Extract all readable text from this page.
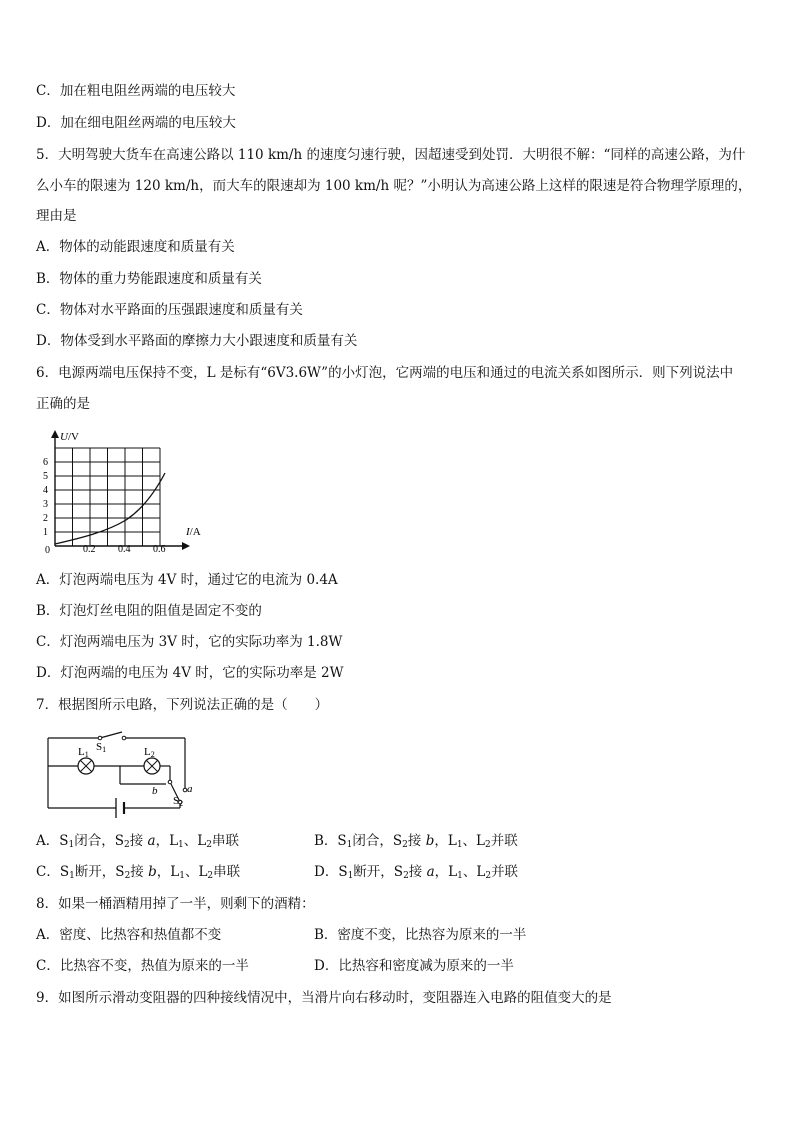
C．加在粗电阻丝两端的电压较大
D．加在细电阻丝两端的电压较大
5．大明驾驶大货车在高速公路以 110 km/h 的速度匀速行驶，因超速受到处罚．大明很不解：“同样的高速公路，为什
么小车的限速为 120 km/h，而大车的限速却为 100 km/h 呢？”小明认为高速公路上这样的限速是符合物理学原理的，
理由是
A．物体的动能跟速度和质量有关
B．物体的重力势能跟速度和质量有关
C．物体对水平路面的压强跟速度和质量有关
D．物体受到水平路面的摩擦力大小跟速度和质量有关
6．电源两端电压保持不变，L 是标有“6V3.6W”的小灯泡，它两端的电压和通过的电流关系如图所示．则下列说法中
正确的是
U/V
I/A
0
1
2
3
4
5
6
0.2 0.4 0.6
A．灯泡两端电压为 4V 时，通过它的电流为 0.4A
B．灯泡灯丝电阻的阻值是固定不变的
C．灯泡两端电压为 3V 时，它的实际功率为 1.8W
D．灯泡两端的电压为 4V 时，它的实际功率是 2W
7．根据图所示电路，下列说法正确的是（　　）
L1
S1	L2
b	a
S2
A．$S_1$闭合，$S_2$接 a，$L_1$、$L_2$串联	B．$S_1$闭合，$S_2$接 b，$L_1$、$L_2$并联
C．$S_1$断开，$S_2$接 b，$L_1$、$L_2$串联	D．$S_1$断开，$S_2$接 a，$L_1$、$L_2$并联
8．如果一桶酒精用掉了一半，则剩下的酒精：
A．密度、比热容和热值都不变	B．密度不变，比热容为原来的一半
C．比热容不变，热值为原来的一半	D．比热容和密度减为原来的一半
9．如图所示滑动变阻器的四种接线情况中，当滑片向右移动时，变阻器连入电路的阻值变大的是
